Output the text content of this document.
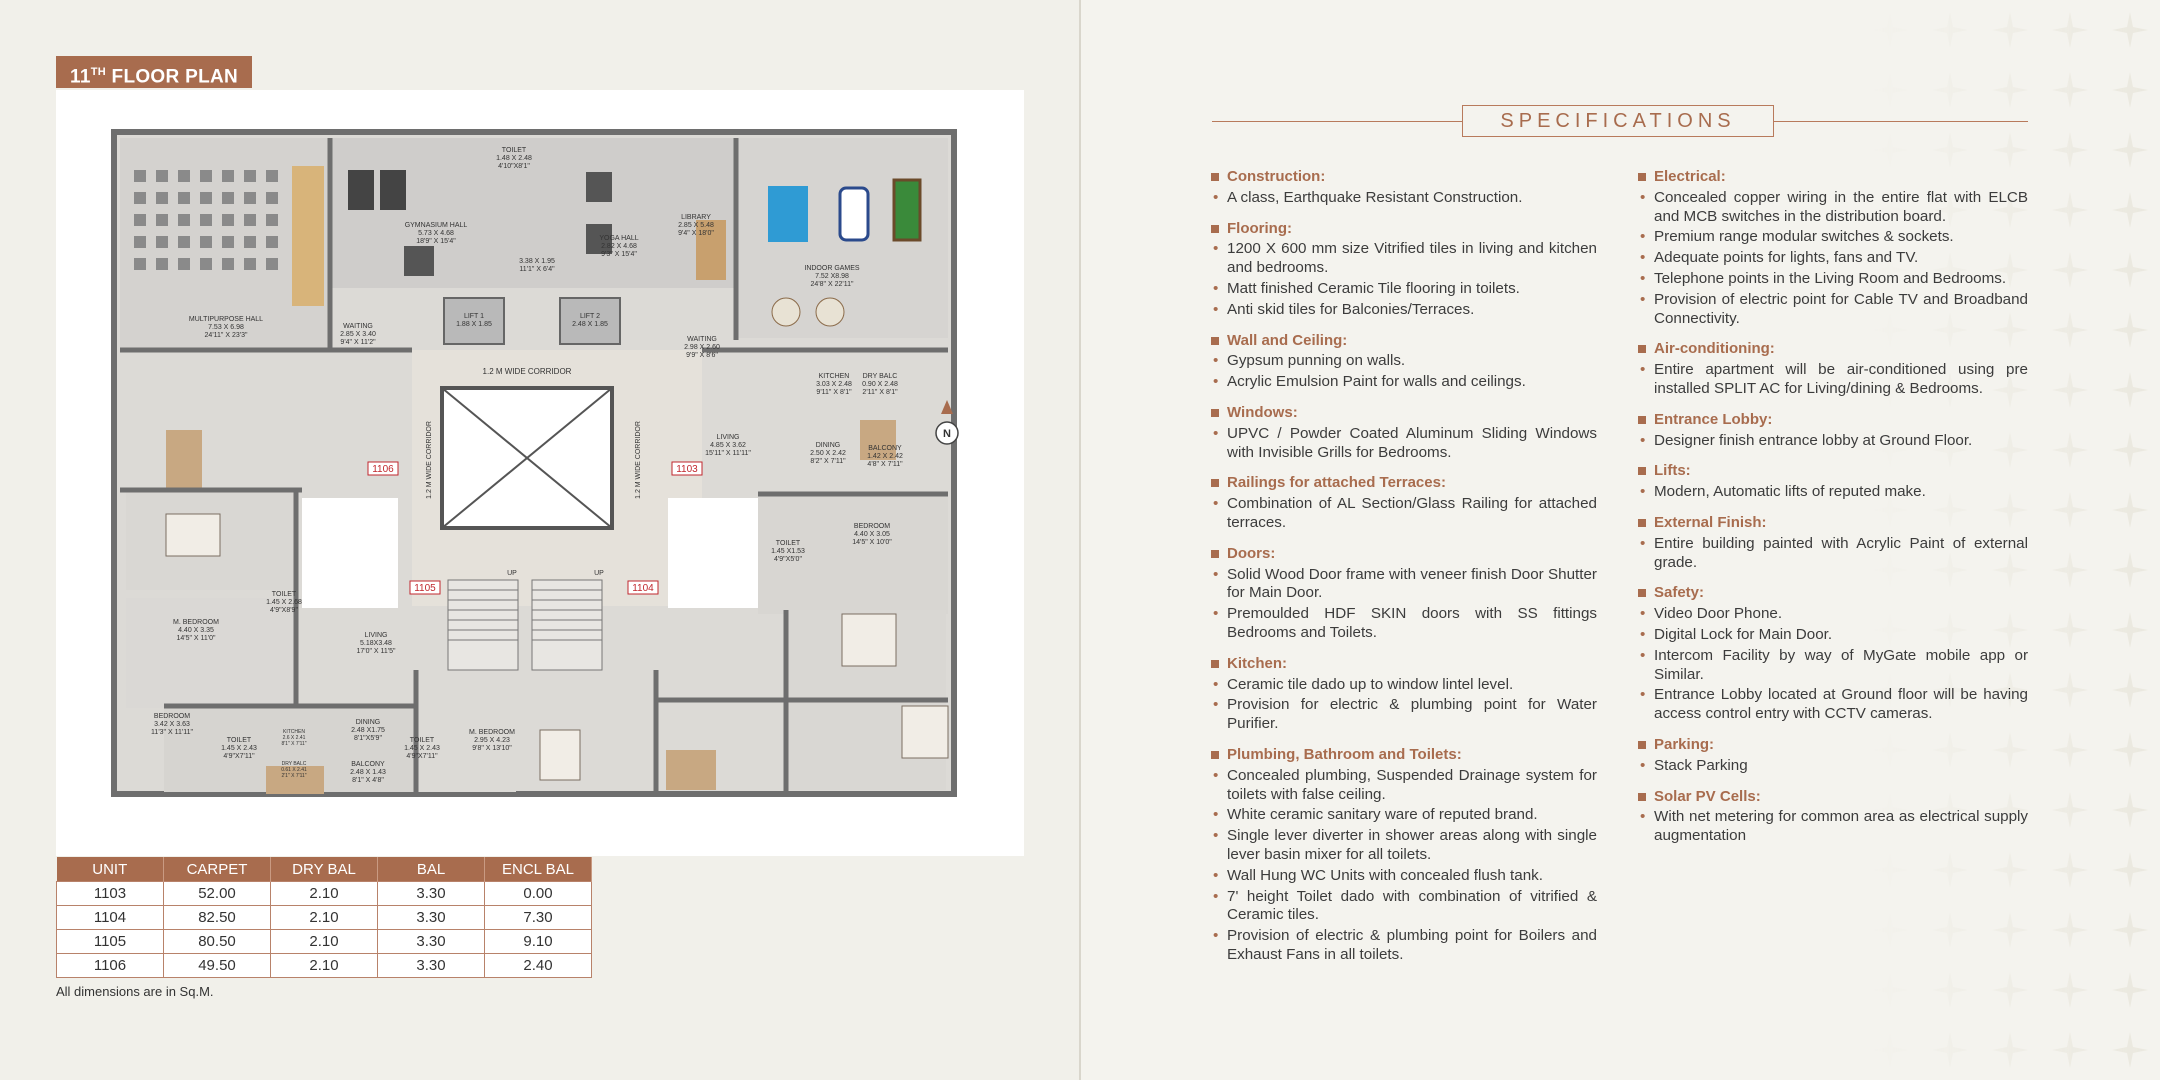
11TH FLOOR PLAN
MULTIPURPOSE HALL 7.53 X 6.98 24'11" X 23'3"
GYMNASIUM HALL 5.73 X 4.68 18'9" X 15'4"
TOILET 1.48 X 2.48 4'10"X8'1"
3.38 X 1.95 11'1" X 6'4"
YOGA HALL 2.82 X 4.68 9'3" X 15'4"
LIBRARY 2.85 X 5.48 9'4" X 18'0"
INDOOR GAMES 7.52 X8.98 24'8" X 22'11"
WAITING 2.85 X 3.40 9'4" X 11'2"
LIFT 1 1.88 X 1.85
LIFT 2 2.48 X 1.85
WAITING 2.98 X 2.60 9'9" X 8'6"
KITCHEN 3.03 X 2.48 9'11" X 8'1"
DRY BALC 0.90 X 2.48 2'11" X 8'1"
LIVING 4.85 X 3.62 15'11" X 11'11"
DINING 2.50 X 2.42 8'2" X 7'11"
BALCONY 1.42 X 2.42 4'8" X 7'11"
BEDROOM 4.40 X 3.05 14'5" X 10'0"
TOILET 1.45 X1.53 4'9"X5'0"
TOILET 1.45 X 2.68 4'9"X8'9"
M. BEDROOM 4.40 X 3.35 14'5" X 11'0"	LIVING 5.18X3.48 17'0" X 11'5"
BEDROOM 3.42 X 3.63 11'3" X 11'11"
TOILET 1.45 X 2.43 4'9"X7'11"
KITCHEN 2.6 X 2.41 8'1" X 7'11"
DRY BALC 0.61 X 2.41 2'1" X 7'11"
DINING 2.48 X1.75 8'1"X5'9"
BALCONY 2.48 X 1.43 8'1" X 4'8"
TOILET 1.45 X 2.43 4'9"X7'11"
M. BEDROOM 2.95 X 4.23 9'8" X 13'10"
1.2 M WIDE CORRIDOR
1.2 M WIDE CORRIDOR	1.2 M WIDE CORRIDOR
UP	UP
1106	1103
1105	1104
N
UNIT	CARPET	DRY BAL	BAL	ENCL BAL
1103	52.00	2.10	3.30	0.00
1104	82.50	2.10	3.30	7.30
1105	80.50	2.10	3.30	9.10
1106	49.50	2.10	3.30	2.40
All dimensions are in Sq.M.
SPECIFICATIONS
Construction:
• A class, Earthquake Resistant Construction.
Flooring:
• 1200 X 600 mm size Vitrified tiles in living and kitchen and bedrooms.
• Matt finished Ceramic Tile flooring in toilets.
• Anti skid tiles for Balconies/Terraces.
Wall and Ceiling:
• Gypsum punning on walls.
• Acrylic Emulsion Paint for walls and ceilings.
Windows:
• UPVC / Powder Coated Aluminum Sliding Windows with Invisible Grills for Bedrooms.
Railings for attached Terraces:
• Combination of AL Section/Glass Railing for attached terraces.
Doors:
• Solid Wood Door frame with veneer finish Door Shutter for Main Door.
• Premoulded HDF SKIN doors with SS fittings Bedrooms and Toilets.
Kitchen:
• Ceramic tile dado up to window lintel level.
• Provision for electric & plumbing point for Water Purifier.
Plumbing, Bathroom and Toilets:
• Concealed plumbing, Suspended Drainage system for toilets with false ceiling.
• White ceramic sanitary ware of reputed brand.
• Single lever diverter in shower areas along with single lever basin mixer for all toilets.
• Wall Hung WC Units with concealed flush tank.
• 7' height Toilet dado with combination of vitrified & Ceramic tiles.
• Provision of electric & plumbing point for Boilers and Exhaust Fans in all toilets.
Electrical:
• Concealed copper wiring in the entire flat with ELCB and MCB switches in the distribution board.
• Premium range modular switches & sockets.
• Adequate points for lights, fans and TV.
• Telephone points in the Living Room and Bedrooms.
• Provision of electric point for Cable TV and Broadband Connectivity.
Air-conditioning:
• Entire apartment will be air-conditioned using pre installed SPLIT AC for Living/dining & Bedrooms.
Entrance Lobby:
• Designer finish entrance lobby at Ground Floor.
Lifts:
• Modern, Automatic lifts of reputed make.
External Finish:
• Entire building painted with Acrylic Paint of external grade.
Safety:
• Video Door Phone.
• Digital Lock for Main Door.
• Intercom Facility by way of MyGate mobile app or Similar.
• Entrance Lobby located at Ground floor will be having access control entry with CCTV cameras.
Parking:
• Stack Parking
Solar PV Cells:
• With net metering for common area as electrical supply augmentation
